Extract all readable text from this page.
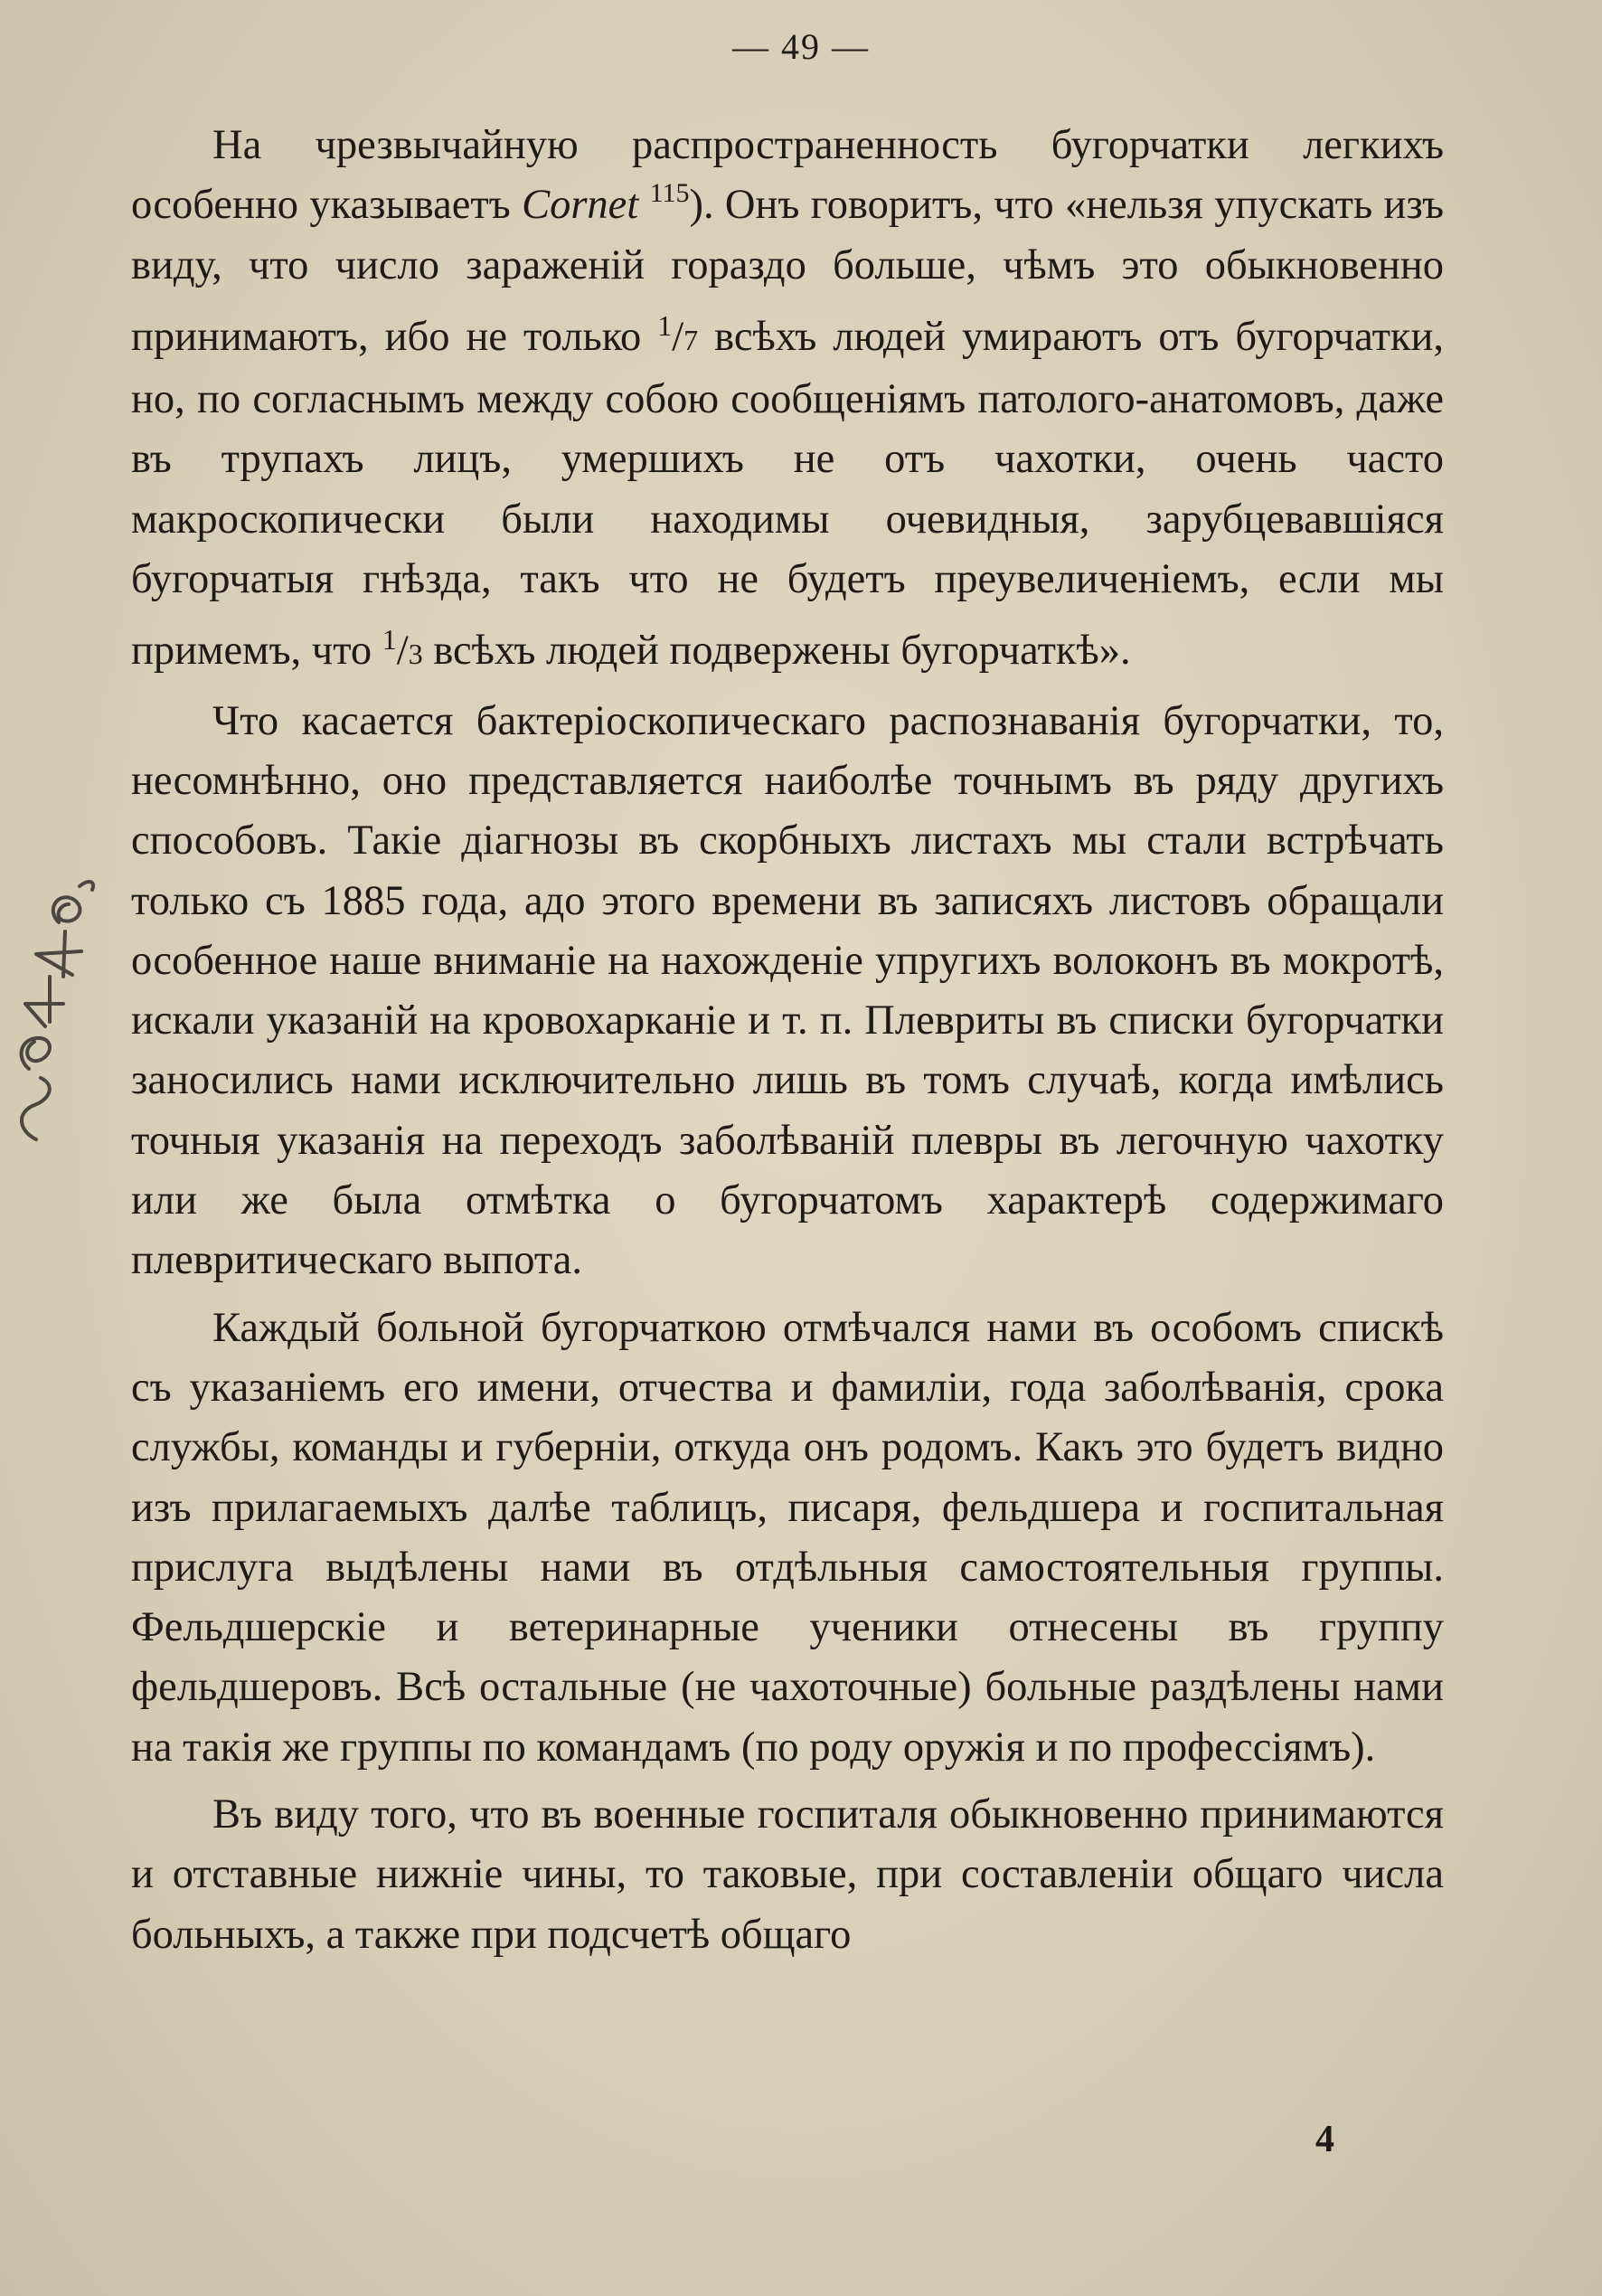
— 49 —

На чрезвычайную распространенность бугорчатки легкихъ особенно указываетъ Cornet $^{115}$). Онъ говоритъ, что «нельзя упускать изъ виду, что число зараженій гораздо больше, чѣмъ это обыкновенно принимаютъ, ибо не только $^1$/7 всѣхъ людей умираютъ отъ бугорчатки, но, по согласнымъ между собою сообщеніямъ патолого-анатомовъ, даже въ трупахъ лицъ, умершихъ не отъ чахотки, очень часто макроскопически были находимы очевидныя, зарубцевавшіяся бугорчатыя гнѣзда, такъ что не будетъ преувеличеніемъ, если мы примемъ, что $^1$/3 всѣхъ людей подвержены бугорчаткѣ».

Что касается бактеріоскопическаго распознаванія бугорчатки, то, несомнѣнно, оно представляется наиболѣе точнымъ въ ряду другихъ способовъ. Такіе діагнозы въ скорбныхъ листахъ мы стали встрѣчать только съ 1885 года, адо этого времени въ записяхъ листовъ обращали особенное наше вниманіе на нахожденіе упругихъ волоконъ въ мокротѣ, искали указаній на кровохарканіе и т. п. Плевриты въ списки бугорчатки заносились нами исключительно лишь въ томъ случаѣ, когда имѣлись точныя указанія на переходъ заболѣваній плевры въ легочную чахотку или же была отмѣтка о бугорчатомъ характерѣ содержимаго плевритическаго выпота.

Каждый больной бугорчаткою отмѣчался нами въ особомъ спискѣ съ указаніемъ его имени, отчества и фамиліи, года заболѣванія, срока службы, команды и губерніи, откуда онъ родомъ. Какъ это будетъ видно изъ прилагаемыхъ далѣе таблицъ, писаря, фельдшера и госпитальная прислуга выдѣлены нами въ отдѣльныя самостоятельныя группы. Фельдшерскіе и ветеринарные ученики отнесены въ группу фельдшеровъ. Всѣ остальные (не чахоточные) больные раздѣлены нами на такія же группы по командамъ (по роду оружія и по профессіямъ).

Въ виду того, что въ военные госпиталя обыкновенно принимаются и отставные нижніе чины, то таковые, при составленіи общаго числа больныхъ, а также при подсчетѣ общаго

4
